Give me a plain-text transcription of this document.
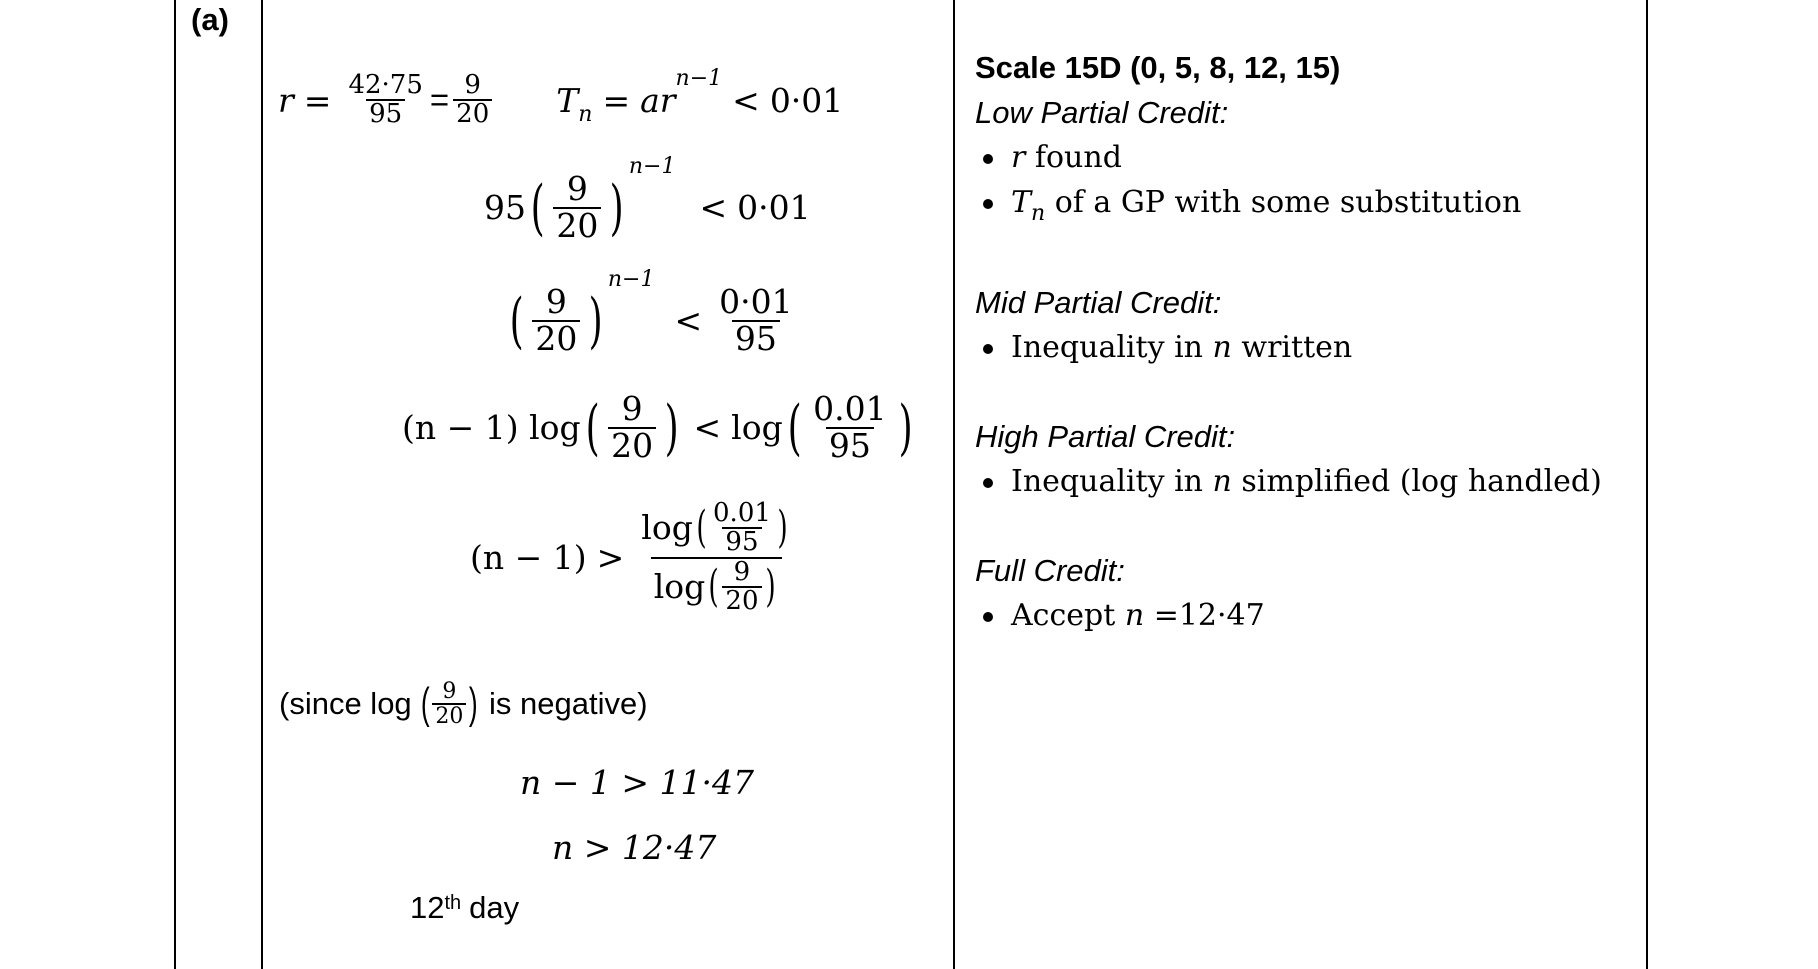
(a)
$r = \frac{42\cdot 75}{95} = \frac{9}{20}$ T n = ar
n−1
< 0·01
95 ( $\frac{9}{20}$ )
n−1
< 0·01
( $\frac{9}{20}$ )
n−1
< $\frac{0\cdot 01}{95}$
(n − 1) log ( $\frac{9}{20}$ ) < log ( $\frac{0.01}{95}$ )
(n − 1) >
log ( $\frac{0.01}{95}$ )
log ( $\frac{9}{20}$ )
(since log ( $\frac{9}{20}$ ) is negative)
n − 1 > 11·47
n > 12·47
12 th day
Scale 15D (0, 5, 8, 12, 15)
Low Partial Credit:
r found
$T_n$ of a GP with some substitution
Mid Partial Credit:
Inequality in n written
High Partial Credit:
Inequality in n simplified (log handled)
Full Credit:
Accept n =12·47
